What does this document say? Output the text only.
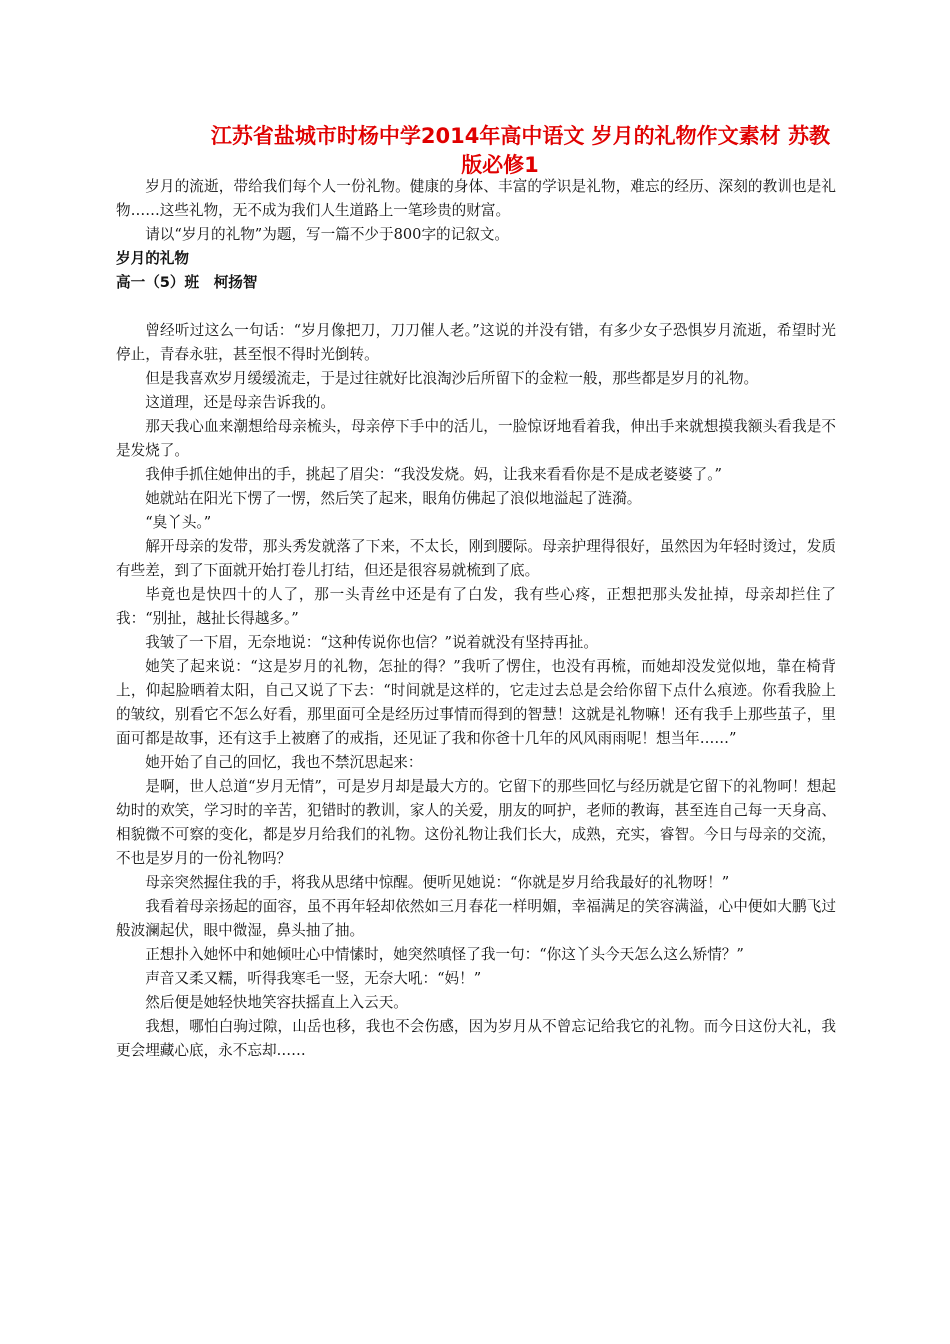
江苏省盐城市时杨中学2014年高中语文 岁月的礼物作文素材 苏教
版必修1

岁月的流逝，带给我们每个人一份礼物。健康的身体、丰富的学识是礼物，难忘的经历、深刻的教训也是礼物……这些礼物，无不成为我们人生道路上一笔珍贵的财富。

请以“岁月的礼物”为题，写一篇不少于800字的记叙文。

岁月的礼物

高一（5）班　柯扬智

曾经听过这么一句话：“岁月像把刀，刀刀催人老。”这说的并没有错，有多少女子恐惧岁月流逝，希望时光停止，青春永驻，甚至恨不得时光倒转。

但是我喜欢岁月缓缓流走，于是过往就好比浪淘沙后所留下的金粒一般，那些都是岁月的礼物。

这道理，还是母亲告诉我的。

那天我心血来潮想给母亲梳头，母亲停下手中的活儿，一脸惊讶地看着我，伸出手来就想摸我额头看我是不是发烧了。

我伸手抓住她伸出的手，挑起了眉尖：“我没发烧。妈，让我来看看你是不是成老婆婆了。”

她就站在阳光下愣了一愣，然后笑了起来，眼角仿佛起了浪似地溢起了涟漪。

“臭丫头。”

解开母亲的发带，那头秀发就落了下来，不太长，刚到腰际。母亲护理得很好，虽然因为年轻时烫过，发质有些差，到了下面就开始打卷儿打结，但还是很容易就梳到了底。

毕竟也是快四十的人了，那一头青丝中还是有了白发，我有些心疼，正想把那头发扯掉，母亲却拦住了我：“别扯，越扯长得越多。”

我皱了一下眉，无奈地说：“这种传说你也信？”说着就没有坚持再扯。

她笑了起来说：“这是岁月的礼物，怎扯的得？”我听了愣住，也没有再梳，而她却没发觉似地，靠在椅背上，仰起脸晒着太阳，自己又说了下去：“时间就是这样的，它走过去总是会给你留下点什么痕迹。你看我脸上的皱纹，别看它不怎么好看，那里面可全是经历过事情而得到的智慧！这就是礼物嘛！还有我手上那些茧子，里面可都是故事，还有这手上被磨了的戒指，还见证了我和你爸十几年的风风雨雨呢！想当年……”

她开始了自己的回忆，我也不禁沉思起来：

是啊，世人总道“岁月无情”，可是岁月却是最大方的。它留下的那些回忆与经历就是它留下的礼物呵！想起幼时的欢笑，学习时的辛苦，犯错时的教训，家人的关爱，朋友的呵护，老师的教诲，甚至连自己每一天身高、相貌微不可察的变化，都是岁月给我们的礼物。这份礼物让我们长大，成熟，充实，睿智。今日与母亲的交流，不也是岁月的一份礼物吗？

母亲突然握住我的手，将我从思绪中惊醒。便听见她说：“你就是岁月给我最好的礼物呀！”

我看着母亲扬起的面容，虽不再年轻却依然如三月春花一样明媚，幸福满足的笑容满溢，心中便如大鹏飞过般波澜起伏，眼中微湿，鼻头抽了抽。

正想扑入她怀中和她倾吐心中情愫时，她突然嗔怪了我一句：“你这丫头今天怎么这么矫情？”

声音又柔又糯，听得我寒毛一竖，无奈大吼：“妈！”

然后便是她轻快地笑容扶摇直上入云天。

我想，哪怕白驹过隙，山岳也移，我也不会伤感，因为岁月从不曾忘记给我它的礼物。而今日这份大礼，我更会埋藏心底，永不忘却……
